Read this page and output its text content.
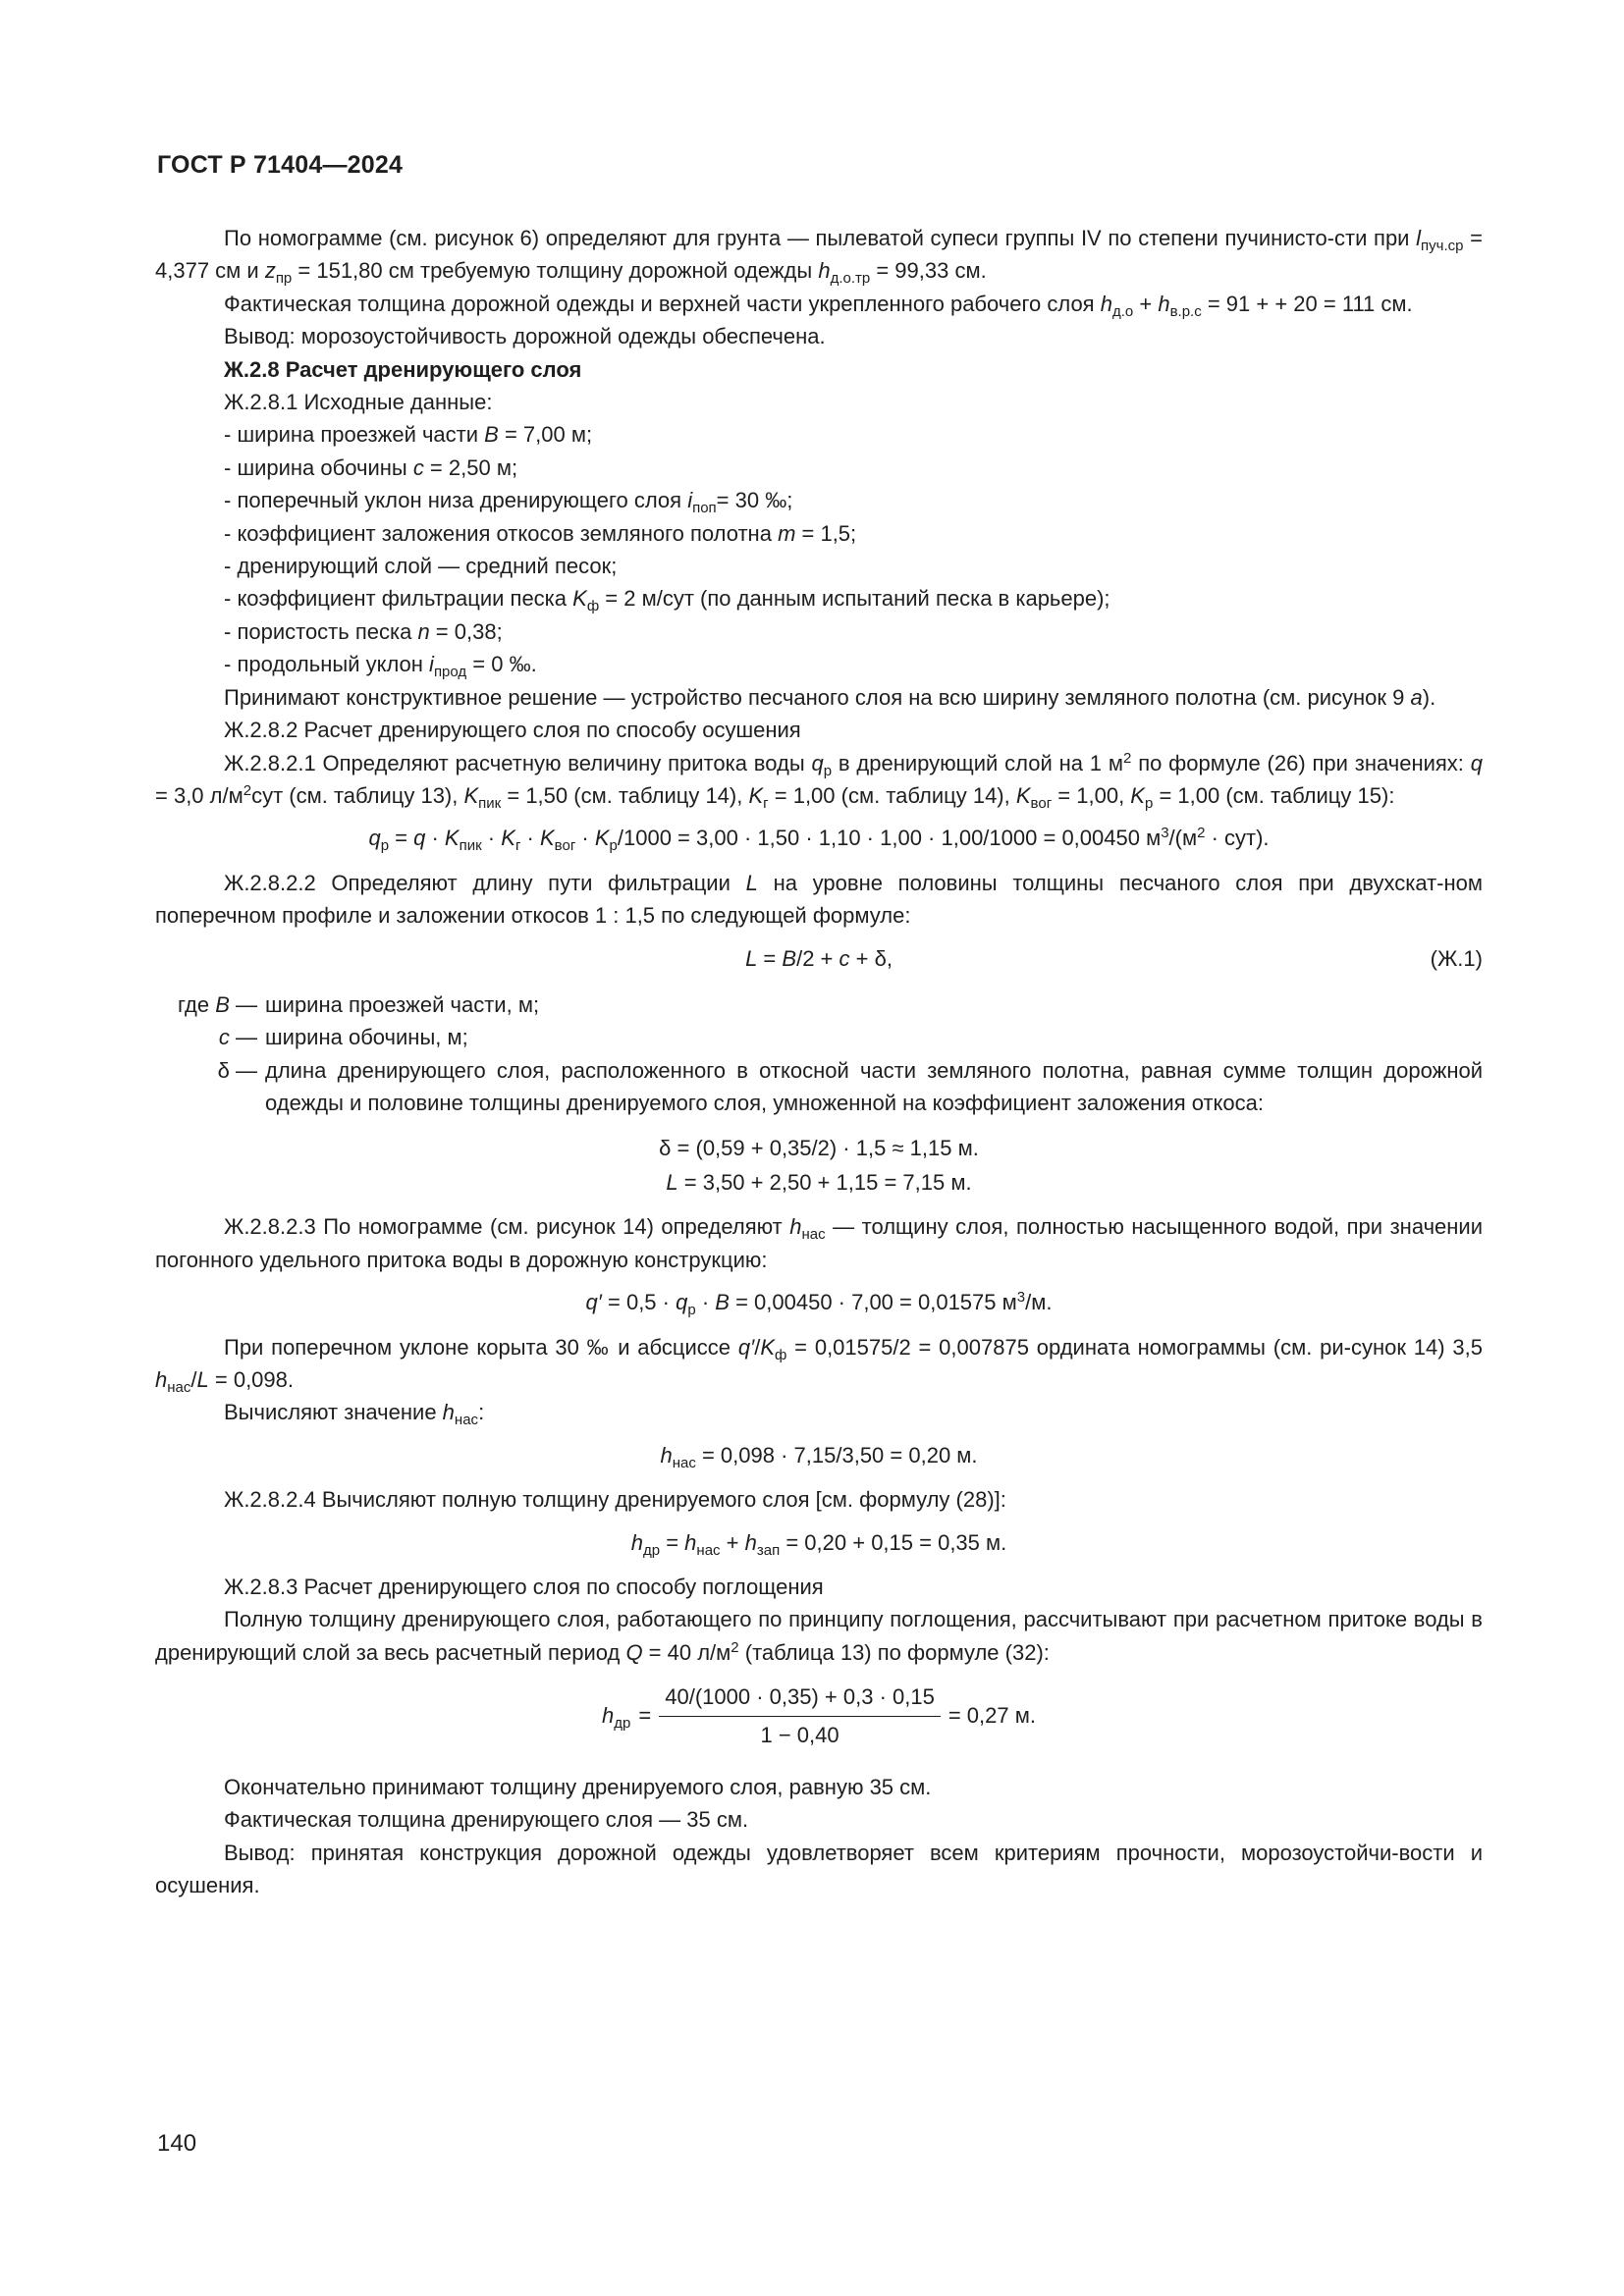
ГОСТ Р 71404—2024

По номограмме (см. рисунок 6) определяют для грунта — пылеватой супеси группы IV по степени пучинисто-сти при $l_{пуч.ср} = 4,377$ см и $z_{пр} = 151,80$ см требуемую толщину дорожной одежды $h_{д.о.тр} = 99,33$ см.

Фактическая толщина дорожной одежды и верхней части укрепленного рабочего слоя $h_{д.о} + h_{в.р.с} = 91$ + + 20 = 111 см.

Вывод: морозоустойчивость дорожной одежды обеспечена.

Ж.2.8 Расчет дренирующего слоя

Ж.2.8.1 Исходные данные:

- ширина проезжей части B = 7,00 м;

- ширина обочины c = 2,50 м;

- поперечный уклон низа дренирующего слоя $i_{поп}= 30$ ‰;

- коэффициент заложения откосов земляного полотна m = 1,5;

- дренирующий слой — средний песок;

- коэффициент фильтрации песка $K_ф = 2$ м/сут (по данным испытаний песка в карьере);

- пористость песка n = 0,38;

- продольный уклон $i_{прод} = 0$ ‰.

Принимают конструктивное решение — устройство песчаного слоя на всю ширину земляного полотна (см. рисунок 9 а).

Ж.2.8.2 Расчет дренирующего слоя по способу осушения

Ж.2.8.2.1 Определяют расчетную величину притока воды $q_р$ в дренирующий слой на 1 $м^2$ по формуле (26) при значениях: q = 3,0 $л/м^2сут$ (см. таблицу 13), $K_{пик} = 1,50$ (см. таблицу 14), $K_г = 1,00$ (см. таблицу 14), $K_{вог} = 1,00$, $K_р = 1,00$ (см. таблицу 15):

$q_р = q \cdot K_{пик} \cdot K_г \cdot K_{вог} \cdot K_р/1000 = 3,00 \cdot 1,50 \cdot 1,10 \cdot 1,00 \cdot 1,00/1000 = 0,00450$ $м^3/(м^2 \cdot сут)$.

Ж.2.8.2.2 Определяют длину пути фильтрации L на уровне половины толщины песчаного слоя при двухскат-ном поперечном профиле и заложении откосов 1 : 1,5 по следующей формуле:

L = B/2 + c + δ,	(Ж.1)
где B — ширина проезжей части, м;
c — ширина обочины, м;
δ — длина дренирующего слоя, расположенного в откосной части земляного полотна, равная сумме толщин дорожной одежды и половине толщины дренируемого слоя, умноженной на коэффициент заложения откоса:
δ = (0,59 + 0,35/2) · 1,5 ≈ 1,15 м.
L = 3,50 + 2,50 + 1,15 = 7,15 м.

Ж.2.8.2.3 По номограмме (см. рисунок 14) определяют $h_{нас}$ — толщину слоя, полностью насыщенного водой, при значении погонного удельного притока воды в дорожную конструкцию:

$q' = 0,5 \cdot q_р \cdot B = 0,00450 \cdot 7,00 = 0,01575$ $м^3/м$.

При поперечном уклоне корыта 30 ‰ и абсциссе $q'/K_ф = 0,01575/2 = 0,007875$ ордината номограммы (см. ри-сунок 14) 3,5 $h_{нас}/L = 0,098$.

Вычисляют значение $h_{нас}$:

$h_{нас} = 0,098 \cdot 7,15/3,50 = 0,20$ м.

Ж.2.8.2.4 Вычисляют полную толщину дренируемого слоя [см. формулу (28)]:

$h_{др} = h_{нас} + h_{зап} = 0,20 + 0,15 = 0,35$ м.

Ж.2.8.3 Расчет дренирующего слоя по способу поглощения

Полную толщину дренирующего слоя, работающего по принципу поглощения, рассчитывают при расчетном притоке воды в дренирующий слой за весь расчетный период Q = 40 $л/м^2$ (таблица 13) по формуле (32):

$h_{др} = \frac{40/(1000 \cdot 0,35) + 0,3 \cdot 0,15}{1 - 0,40} = 0,27$ м.

Окончательно принимают толщину дренируемого слоя, равную 35 см.

Фактическая толщина дренирующего слоя — 35 см.

Вывод: принятая конструкция дорожной одежды удовлетворяет всем критериям прочности, морозоустойчи-вости и осушения.

140
